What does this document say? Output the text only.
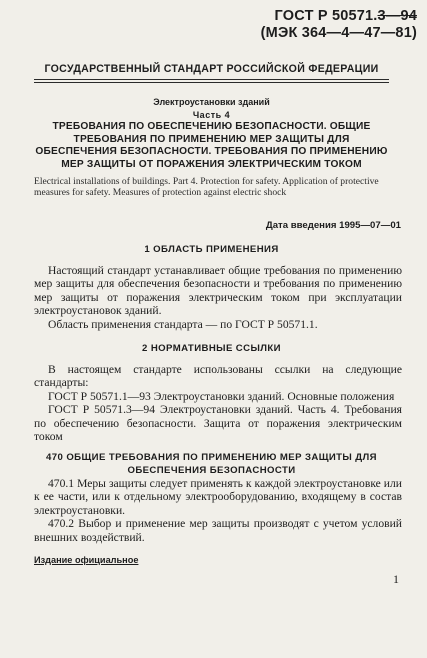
ГОСТ Р 50571.3—94
(МЭК 364—4—47—81)
ГОСУДАРСТВЕННЫЙ СТАНДАРТ РОССИЙСКОЙ ФЕДЕРАЦИИ
Электроустановки зданий
Часть 4
ТРЕБОВАНИЯ ПО ОБЕСПЕЧЕНИЮ БЕЗОПАСНОСТИ. ОБЩИЕ ТРЕБОВАНИЯ ПО ПРИМЕНЕНИЮ МЕР ЗАЩИТЫ ДЛЯ ОБЕСПЕЧЕНИЯ БЕЗОПАСНОСТИ. ТРЕБОВАНИЯ ПО ПРИМЕНЕНИЮ МЕР ЗАЩИТЫ ОТ ПОРАЖЕНИЯ ЭЛЕКТРИЧЕСКИМ ТОКОМ
Electrical installations of buildings. Part 4. Protection for safety. Application of protective measures for safety. Measures of protection against electric shock
Дата введения 1995—07—01
1 ОБЛАСТЬ ПРИМЕНЕНИЯ

Настоящий стандарт устанавливает общие требования по применению мер защиты для обеспечения безопасности и требования по применению мер защиты от поражения электрическим током при эксплуатации электроустановок зданий.

Область применения стандарта — по ГОСТ Р 50571.1.

2 НОРМАТИВНЫЕ ССЫЛКИ

В настоящем стандарте использованы ссылки на следующие стандарты:

ГОСТ Р 50571.1—93 Электроустановки зданий. Основные положения

ГОСТ Р 50571.3—94 Электроустановки зданий. Часть 4. Требования по обеспечению безопасности. Защита от поражения электрическим током

470 ОБЩИЕ ТРЕБОВАНИЯ ПО ПРИМЕНЕНИЮ МЕР ЗАЩИТЫ ДЛЯ ОБЕСПЕЧЕНИЯ БЕЗОПАСНОСТИ

470.1 Меры защиты следует применять к каждой электроустановке или к ее части, или к отдельному электрооборудованию, входящему в состав электроустановки.

470.2 Выбор и применение мер защиты производят с учетом условий внешних воздействий.

Издание официальное
1
